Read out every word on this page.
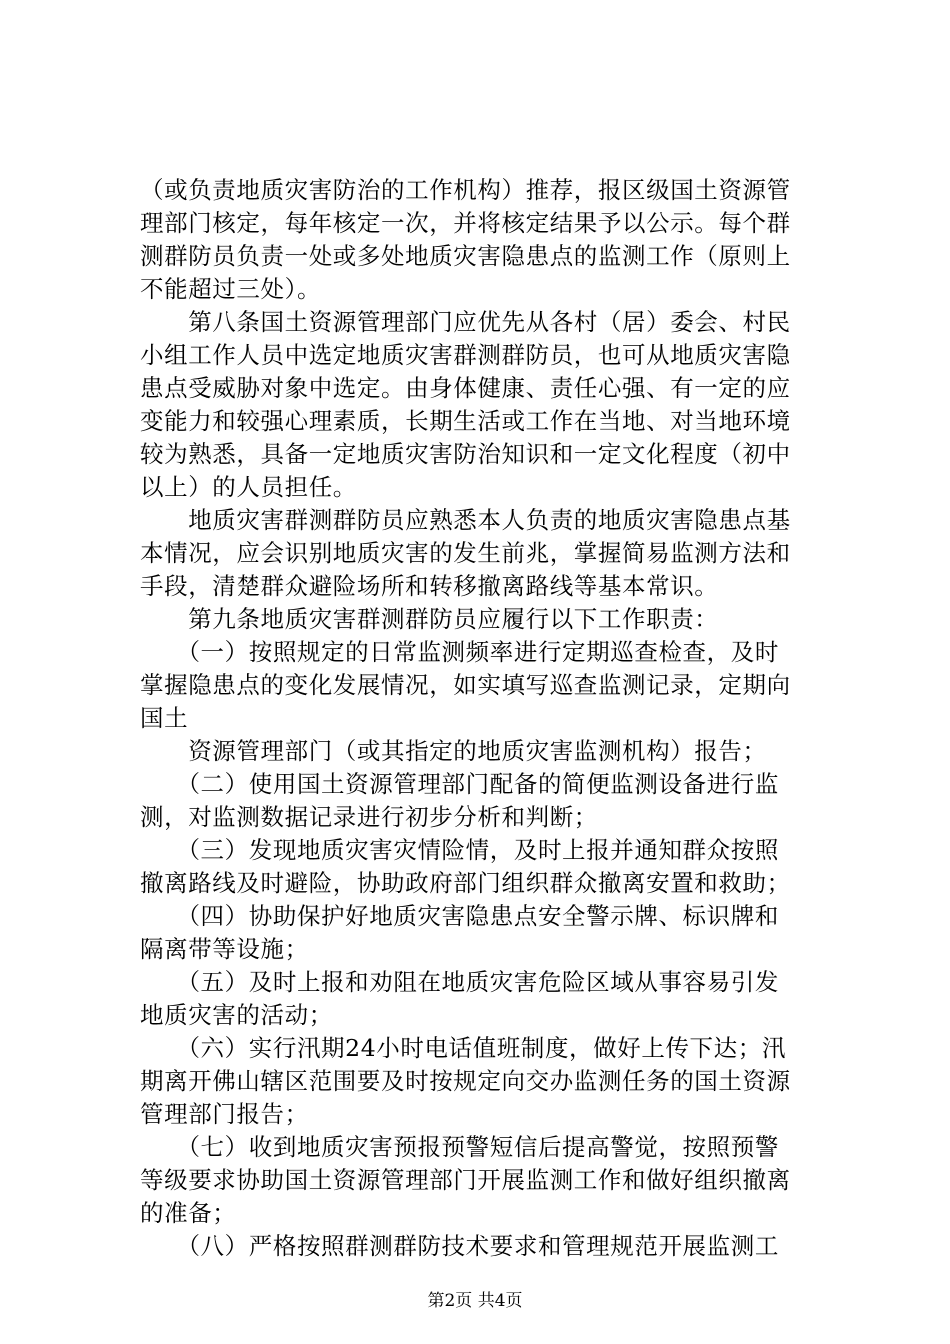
（或负责地质灾害防治的工作机构）推荐，报区级国土资源管
理部门核定，每年核定一次，并将核定结果予以公示。每个群
测群防员负责一处或多处地质灾害隐患点的监测工作（原则上
不能超过三处）。
　　第八条国土资源管理部门应优先从各村（居）委会、村民
小组工作人员中选定地质灾害群测群防员，也可从地质灾害隐
患点受威胁对象中选定。由身体健康、责任心强、有一定的应
变能力和较强心理素质，长期生活或工作在当地、对当地环境
较为熟悉，具备一定地质灾害防治知识和一定文化程度（初中
以上）的人员担任。
　　地质灾害群测群防员应熟悉本人负责的地质灾害隐患点基
本情况，应会识别地质灾害的发生前兆，掌握简易监测方法和
手段，清楚群众避险场所和转移撤离路线等基本常识。
　　第九条地质灾害群测群防员应履行以下工作职责：
　　（一）按照规定的日常监测频率进行定期巡查检查，及时
掌握隐患点的变化发展情况，如实填写巡查监测记录，定期向
国土
　　资源管理部门（或其指定的地质灾害监测机构）报告；
　　（二）使用国土资源管理部门配备的简便监测设备进行监
测，对监测数据记录进行初步分析和判断；
　　（三）发现地质灾害灾情险情，及时上报并通知群众按照
撤离路线及时避险，协助政府部门组织群众撤离安置和救助；
　　（四）协助保护好地质灾害隐患点安全警示牌、标识牌和
隔离带等设施；
　　（五）及时上报和劝阻在地质灾害危险区域从事容易引发
地质灾害的活动；
　　（六）实行汛期24小时电话值班制度，做好上传下达；汛
期离开佛山辖区范围要及时按规定向交办监测任务的国土资源
管理部门报告；
　　（七）收到地质灾害预报预警短信后提高警觉，按照预警
等级要求协助国土资源管理部门开展监测工作和做好组织撤离
的准备；
　　（八）严格按照群测群防技术要求和管理规范开展监测工
第2页 共4页
